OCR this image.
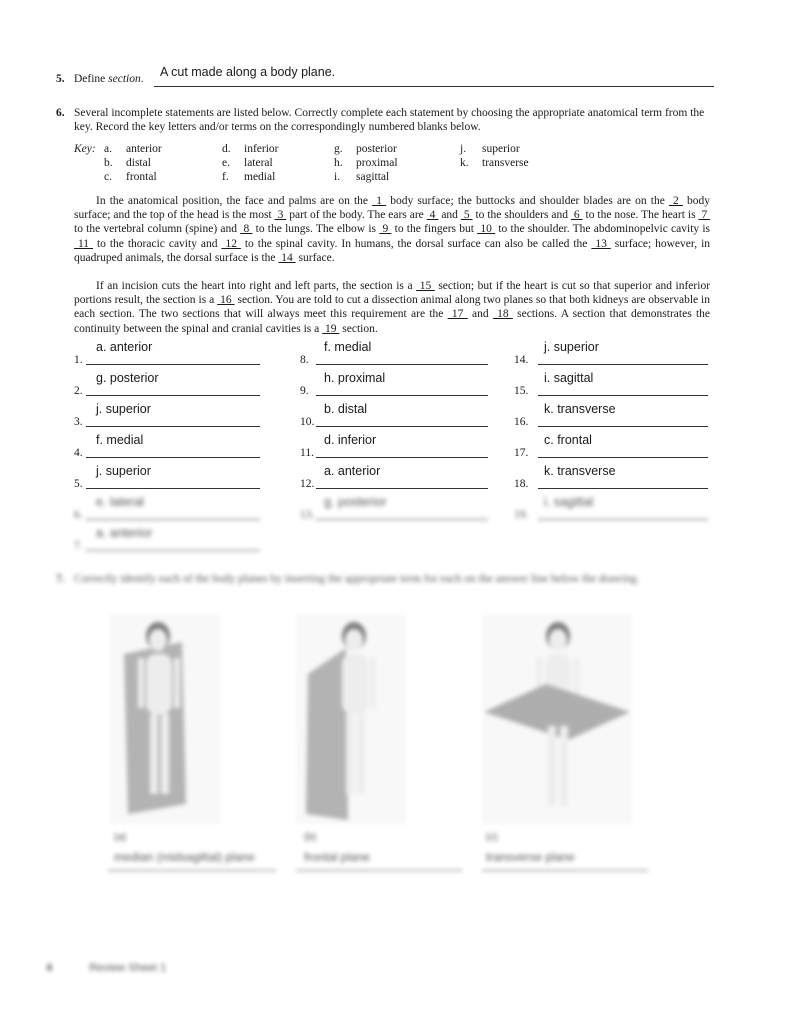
5. Define section. A cut made along a body plane.
6. Several incomplete statements are listed below. Correctly complete each statement by choosing the appropriate anatomical term from the key. Record the key letters and/or terms on the correspondingly numbered blanks below.
Key: a. anterior
b. distal
c. frontal
d. inferior
e. lateral
f. medial
g. posterior
h. proximal
i. sagittal
j. superior
k. transverse
In the anatomical position, the face and palms are on the  1  body surface; the buttocks and shoulder blades are on the  2  body surface; and the top of the head is the most  3  part of the body. The ears are  4  and  5  to the shoulders and  6  to the nose. The heart is  7  to the vertebral column (spine) and  8  to the lungs. The elbow is  9  to the fingers but  10  to the shoulder. The abdominopelvic cavity is  11  to the thoracic cavity and  12  to the spinal cavity. In humans, the dorsal surface can also be called the  13  surface; however, in quadruped animals, the dorsal surface is the  14  surface.
If an incision cuts the heart into right and left parts, the section is a  15  section; but if the heart is cut so that superior and inferior portions result, the section is a  16  section. You are told to cut a dissection animal along two planes so that both kidneys are observable in each section. The two sections that will always meet this requirement are the  17  and  18  sections. A section that demonstrates the continuity between the spinal and cranial cavities is a  19  section.
1.
a. anterior
2.
g. posterior
3.
j. superior
4.
f. medial
5.
j. superior
6.
e. lateral
7.
a. anterior
8.
f. medial
9.
h. proximal
10.
b. distal
11.
d. inferior
12.
a. anterior
13.
g. posterior
14.
j. superior
15.
i. sagittal
16.
k. transverse
17.
c. frontal
18.
k. transverse
19.
i. sagittal
7. Correctly identify each of the body planes by inserting the appropriate term for each on the answer line below the drawing.
(a)
median (midsagittal) plane
(b)
frontal plane
(c)
transverse plane
4	Review Sheet 1
